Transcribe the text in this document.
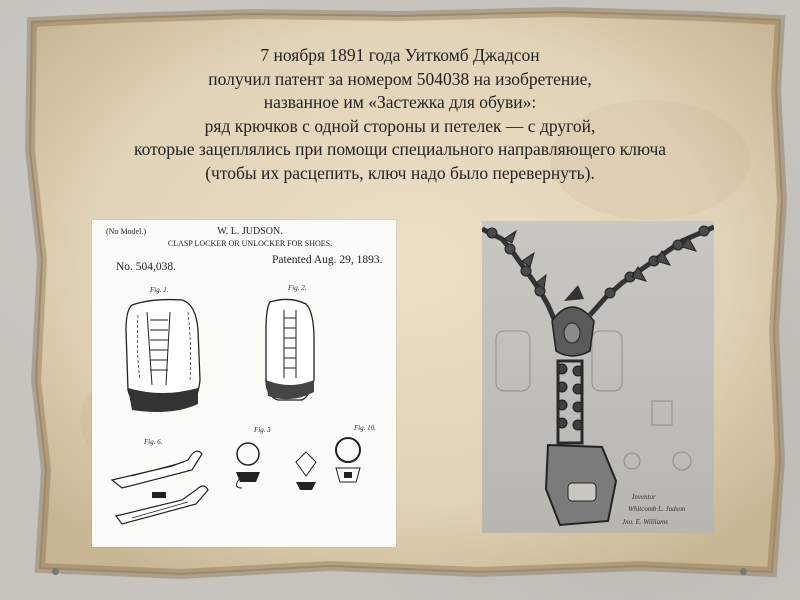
7 ноября 1891 года Уиткомб Джадсон
получил патент за номером 504038 на изобретение,
названное им «Застежка для обуви»:
ряд крючков с одной стороны и петелек — с другой,
которые зацеплялись при помощи специального направляющего ключа
(чтобы их расцепить, ключ надо было перевернуть).
(No Model.)	W. L. JUDSON.
CLASP LOCKER OR UNLOCKER FOR SHOES.
No. 504,038.
Patented Aug. 29, 1893.
Fig. 1.	Fig. 2.
Fig. 6.
Fig. 3	Fig. 10.
Inventor
Whitcomb L. Judson
Jno. E. Williams
